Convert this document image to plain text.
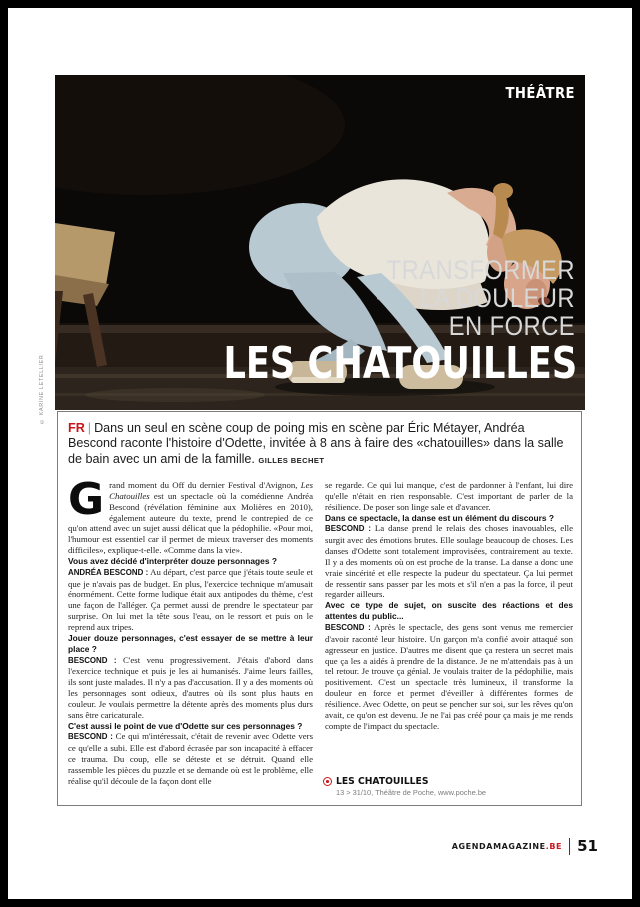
THÉÂTRE
TRANSFORMER
LA DOULEUR
EN FORCE
LES CHATOUILLES
© KARINE LETELLIER

FR | Dans un seul en scène coup de poing mis en scène par Éric Métayer, Andréa Bescond raconte l'histoire d'Odette, invitée à 8 ans à faire des «chatouilles» dans la salle de bain avec un ami de la famille. GILLES BECHET

Grand moment du Off du dernier Festival d'Avignon, Les Chatouilles est un spectacle où la comédienne Andréa Bescond (révélation féminine aux Molières en 2010), également auteure du texte, prend le contrepied de ce qu'on attend avec un sujet aussi délicat que la pédophilie. «Pour moi, l'humour est essentiel car il permet de mieux traverser des moments difficiles», explique-t-elle. «Comme dans la vie».

Vous avez décidé d'interpréter douze personnages ?

ANDRÉA BESCOND : Au départ, c'est parce que j'étais toute seule et que je n'avais pas de budget. En plus, l'exercice technique m'amusait énormément. Cette forme ludique était aux antipodes du thème, c'est une façon de l'alléger. Ça permet aussi de prendre le spectateur par surprise. On lui met la tête sous l'eau, on le ressort et puis on le reprend aux tripes.

Jouer douze personnages, c'est essayer de se mettre à leur place ?

BESCOND : C'est venu progressivement. J'étais d'abord dans l'exercice technique et puis je les ai humanisés. J'aime leurs failles, ils sont juste malades. Il n'y a pas d'accusation. Il y a des moments où les personnages sont odieux, d'autres où ils sont plus hauts en couleur. Je voulais permettre la détente après des moments plus durs sans être caricaturale.

C'est aussi le point de vue d'Odette sur ces personnages ?

BESCOND : Ce qui m'intéressait, c'était de revenir avec Odette vers ce qu'elle a subi. Elle est d'abord écrasée par son incapacité à effacer ce trauma. Du coup, elle se déteste et se détruit. Quand elle rassemble les pièces du puzzle et se demande où est le problème, elle réalise qu'il découle de la façon dont elle

se regarde. Ce qui lui manque, c'est de pardonner à l'enfant, lui dire qu'elle n'était en rien responsable. C'est important de parler de la résilience. De poser son linge sale et d'avancer.

Dans ce spectacle, la danse est un élément du discours ?

BESCOND : La danse prend le relais des choses inavouables, elle surgit avec des émotions brutes. Elle soulage beaucoup de choses. Les danses d'Odette sont totalement improvisées, contrairement au texte. Il y a des moments où on est proche de la transe. La danse a donc une vraie sincérité et elle respecte la pudeur du spectateur. Ça lui permet de ressentir sans passer par les mots et s'il n'en a pas la force, il peut regarder ailleurs.

Avec ce type de sujet, on suscite des réactions et des attentes du public...

BESCOND : Après le spectacle, des gens sont venus me remercier d'avoir raconté leur histoire. Un garçon m'a confié avoir attaqué son agresseur en justice. D'autres me disent que ça restera un secret mais que ça les a aidés à prendre de la distance. Je ne m'attendais pas à un tel retour. Je trouve ça génial. Je voulais traiter de la pédophilie, mais positivement. C'est un spectacle très lumineux, il transforme la douleur en force et permet d'éveiller à différentes formes de résilience. Avec Odette, on peut se pencher sur soi, sur les rêves qu'on avait, ce qu'on est devenu. Je ne l'ai pas créé pour ça mais je me rends compte de l'impact du spectacle.

LES CHATOUILLES
13 > 31/10, Théâtre de Poche, www.poche.be
AGENDAMAGAZINE.BE 51
